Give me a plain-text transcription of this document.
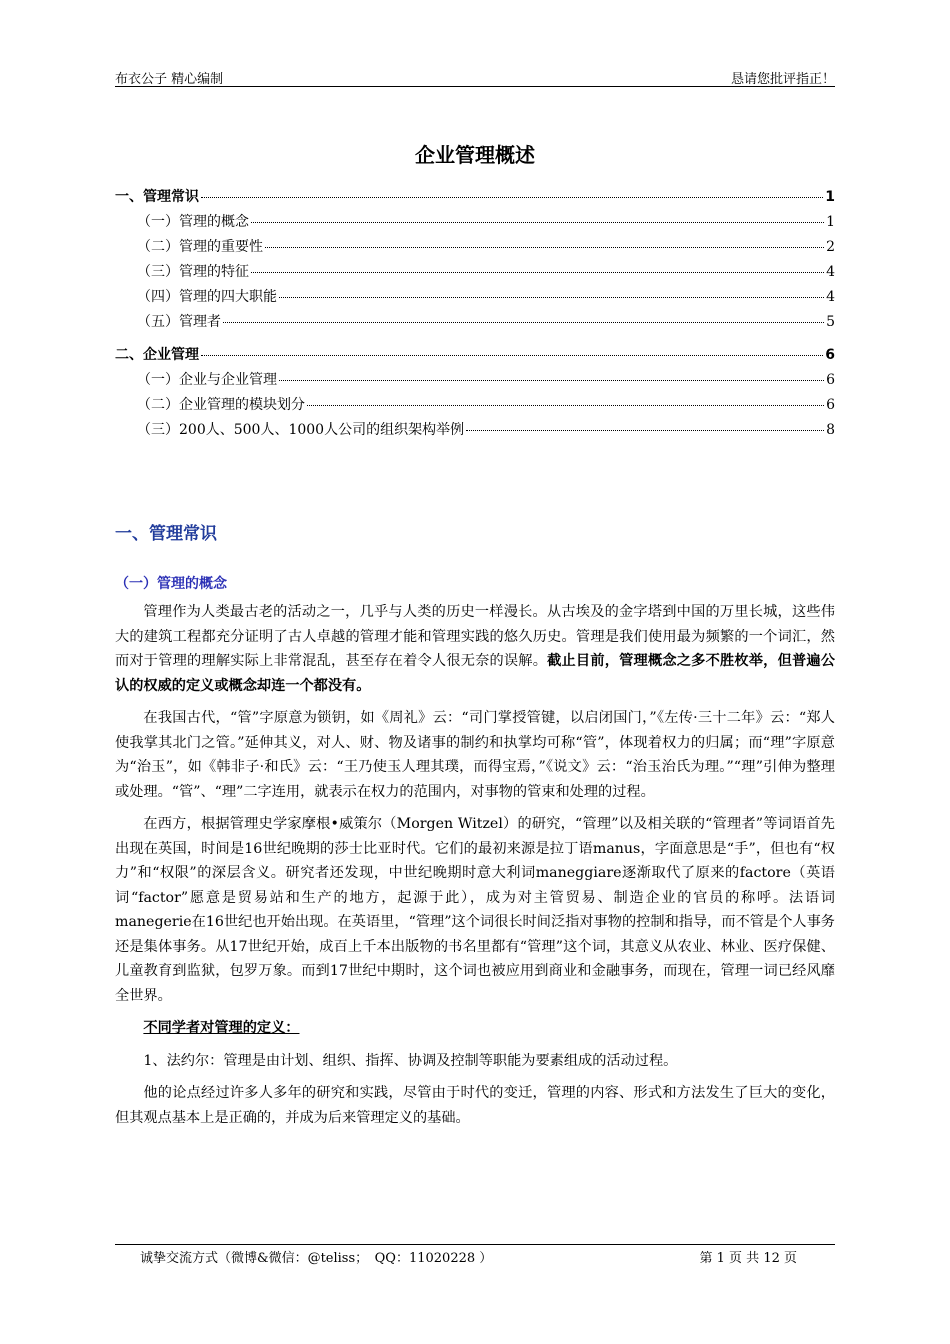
布衣公子 精心编制	恳请您批评指正！
企业管理概述
一、管理常识	1
（一）管理的概念	1
（二）管理的重要性	2
（三）管理的特征	4
（四）管理的四大职能	4
（五）管理者	5
二、企业管理	6
（一）企业与企业管理	6
（二）企业管理的模块划分	6
（三）200人、500人、1000人公司的组织架构举例	8
一、管理常识
（一）管理的概念

管理作为人类最古老的活动之一，几乎与人类的历史一样漫长。从古埃及的金字塔到中国的万里长城，这些伟大的建筑工程都充分证明了古人卓越的管理才能和管理实践的悠久历史。管理是我们使用最为频繁的一个词汇，然而对于管理的理解实际上非常混乱，甚至存在着令人很无奈的误解。截止目前，管理概念之多不胜枚举，但普遍公认的权威的定义或概念却连一个都没有。

在我国古代，“管”字原意为锁钥，如《周礼》云：“司门掌授管键，以启闭国门，”《左传·三十二年》云：“郑人使我掌其北门之管。”延伸其义，对人、财、物及诸事的制约和执掌均可称“管”，体现着权力的归属；而“理”字原意为“治玉”，如《韩非子·和氏》云：“王乃使玉人理其璞，而得宝焉，”《说文》云：“治玉治氏为理。”“理”引伸为整理或处理。“管”、“理”二字连用，就表示在权力的范围内，对事物的管束和处理的过程。

在西方，根据管理史学家摩根•威策尔（Morgen Witzel）的研究，“管理”以及相关联的“管理者”等词语首先出现在英国，时间是16世纪晚期的莎士比亚时代。它们的最初来源是拉丁语manus，字面意思是“手”，但也有“权力”和“权限”的深层含义。研究者还发现，中世纪晚期时意大利词maneggiare逐渐取代了原来的factore（英语词“factor”愿意是贸易站和生产的地方，起源于此），成为对主管贸易、制造企业的官员的称呼。法语词manegerie在16世纪也开始出现。在英语里，“管理”这个词很长时间泛指对事物的控制和指导，而不管是个人事务还是集体事务。从17世纪开始，成百上千本出版物的书名里都有“管理”这个词，其意义从农业、林业、医疗保健、儿童教育到监狱，包罗万象。而到17世纪中期时，这个词也被应用到商业和金融事务，而现在，管理一词已经风靡全世界。

不同学者对管理的定义：

1、法约尔：管理是由计划、组织、指挥、协调及控制等职能为要素组成的活动过程。

他的论点经过许多人多年的研究和实践，尽管由于时代的变迁，管理的内容、形式和方法发生了巨大的变化，但其观点基本上是正确的，并成为后来管理定义的基础。

诚挚交流方式（微博&微信：@teliss；　QQ：11020228 ）	第 1 页 共 12 页
